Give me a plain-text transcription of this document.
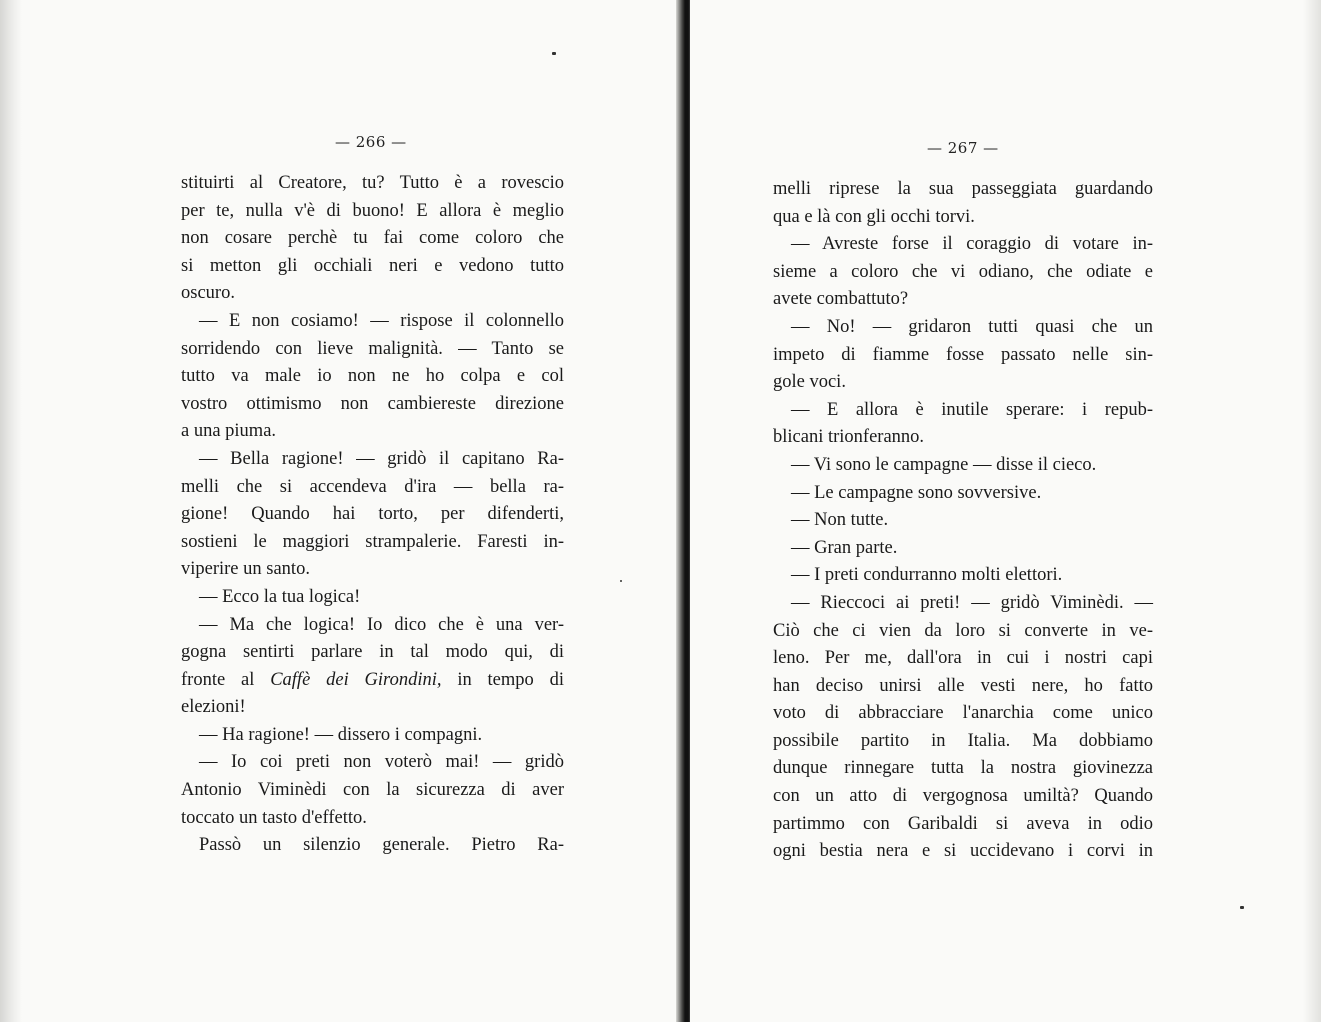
— 266 —
stituirti al Creatore, tu? Tutto è a rovescio
per te, nulla v'è di buono! E allora è meglio
non cosare perchè tu fai come coloro che
si metton gli occhiali neri e vedono tutto
oscuro.
— E non cosiamo! — rispose il colonnello
sorridendo con lieve malignità. — Tanto se
tutto va male io non ne ho colpa e col
vostro ottimismo non cambiereste direzione
a una piuma.
— Bella ragione! — gridò il capitano Ra-
melli che si accendeva d'ira — bella ra-
gione! Quando hai torto, per difenderti,
sostieni le maggiori strampalerie. Faresti in-
viperire un santo.
— Ecco la tua logica!
— Ma che logica! Io dico che è una ver-
gogna sentirti parlare in tal modo qui, di
fronte al Caffè dei Girondini, in tempo di
elezioni!
— Ha ragione! — dissero i compagni.
— Io coi preti non voterò mai! — gridò
Antonio Viminèdi con la sicurezza di aver
toccato un tasto d'effetto.
Passò un silenzio generale. Pietro Ra-
— 267 —
melli riprese la sua passeggiata guardando
qua e là con gli occhi torvi.
— Avreste forse il coraggio di votare in-
sieme a coloro che vi odiano, che odiate e
avete combattuto?
— No! — gridaron tutti quasi che un
impeto di fiamme fosse passato nelle sin-
gole voci.
— E allora è inutile sperare: i repub-
blicani trionferanno.
— Vi sono le campagne — disse il cieco.
— Le campagne sono sovversive.
— Non tutte.
— Gran parte.
— I preti condurranno molti elettori.
— Rieccoci ai preti! — gridò Viminèdi. —
Ciò che ci vien da loro si converte in ve-
leno. Per me, dall'ora in cui i nostri capi
han deciso unirsi alle vesti nere, ho fatto
voto di abbracciare l'anarchia come unico
possibile partito in Italia. Ma dobbiamo
dunque rinnegare tutta la nostra giovinezza
con un atto di vergognosa umiltà? Quando
partimmo con Garibaldi si aveva in odio
ogni bestia nera e si uccidevano i corvi in
